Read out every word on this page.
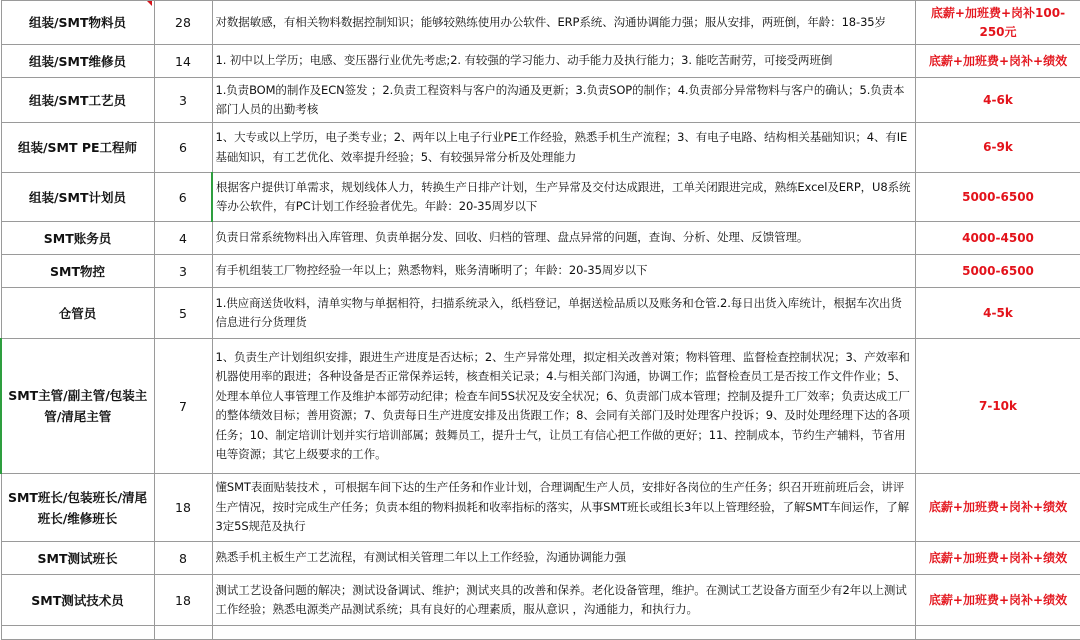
组装/SMT物料员	28	对数据敏感，有相关物料数据控制知识；能够较熟练使用办公软件、ERP系统、沟通协调能力强；服从安排，两班倒，年龄：18-35岁	底薪+加班费+岗补100-250元
组装/SMT维修员	14	1. 初中以上学历；电感、变压器行业优先考虑;2. 有较强的学习能力、动手能力及执行能力；3. 能吃苦耐劳，可接受两班倒	底薪+加班费+岗补+绩效
组装/SMT工艺员	3	1.负责BOM的制作及ECN签发 ；2.负责工程资料与客户的沟通及更新；3.负责SOP的制作；4.负责部分异常物料与客户的确认；5.负责本部门人员的出勤考核	4-6k
组装/SMT PE工程师	6	1、大专或以上学历，电子类专业；2、两年以上电子行业PE工作经验，熟悉手机生产流程；3、有电子电路、结构相关基础知识；4、有IE基础知识，有工艺优化、效率提升经验；5、有较强异常分析及处理能力	6-9k
组装/SMT计划员	6	根据客户提供订单需求，规划线体人力，转换生产日排产计划，生产异常及交付达成跟进，工单关闭跟进完成，熟练Excel及ERP，U8系统等办公软件，有PC计划工作经验者优先。年龄：20-35周岁以下	5000-6500
SMT账务员	4	负责日常系统物料出入库管理、负责单据分发、回收、归档的管理、盘点异常的问题，查询、分析、处理、反馈管理。	4000-4500
SMT物控	3	有手机组装工厂物控经验一年以上；熟悉物料，账务清晰明了；年龄：20-35周岁以下	5000-6500
仓管员	5	1.供应商送货收料，清单实物与单据相符，扫描系统录入，纸档登记，单据送检品质以及账务和仓管.2.每日出货入库统计，根据车次出货信息进行分货理货	4-5k
SMT主管/副主管/包装主管/清尾主管	7	1、负责生产计划组织安排，跟进生产进度是否达标；2、生产异常处理，拟定相关改善对策；物料管理、监督检查控制状况；3、产效率和机器使用率的跟进；各种设备是否正常保养运转，核查相关记录；4.与相关部门沟通，协调工作；监督检查员工是否按工作文件作业；5、处理本单位人事管理工作及维护本部劳动纪律；检查车间5S状况及安全状况；6、负责部门成本管理；控制及提升工厂效率；负责达成工厂的整体绩效目标；善用资源；7、负责每日生产进度安排及出货跟工作；8、会同有关部门及时处理客户投诉；9、及时处理经理下达的各项任务；10、制定培训计划并实行培训部属；鼓舞员工，提升士气，让员工有信心把工作做的更好；11、控制成本，节约生产辅料，节省用电等资源；其它上级要求的工作。	7-10k
SMT班长/包装班长/清尾班长/维修班长	18	懂SMT表面贴装技术 ，可根据车间下达的生产任务和作业计划，合理调配生产人员，安排好各岗位的生产任务；织召开班前班后会，讲评生产情况，按时完成生产任务；负责本组的物料损耗和收率指标的落实，从事SMT班长或组长3年以上管理经验，了解SMT车间运作，了解3定5S规范及执行	底薪+加班费+岗补+绩效
SMT测试班长	8	熟悉手机主板生产工艺流程，有测试相关管理二年以上工作经验，沟通协调能力强	底薪+加班费+岗补+绩效
SMT测试技术员	18	测试工艺设备问题的解决；测试设备调试、维护；测试夹具的改善和保养。老化设备管理，维护。在测试工艺设备方面至少有2年以上测试工作经验；熟悉电源类产品测试系统；具有良好的心理素质，服从意识 ，沟通能力，和执行力。	底薪+加班费+岗补+绩效
